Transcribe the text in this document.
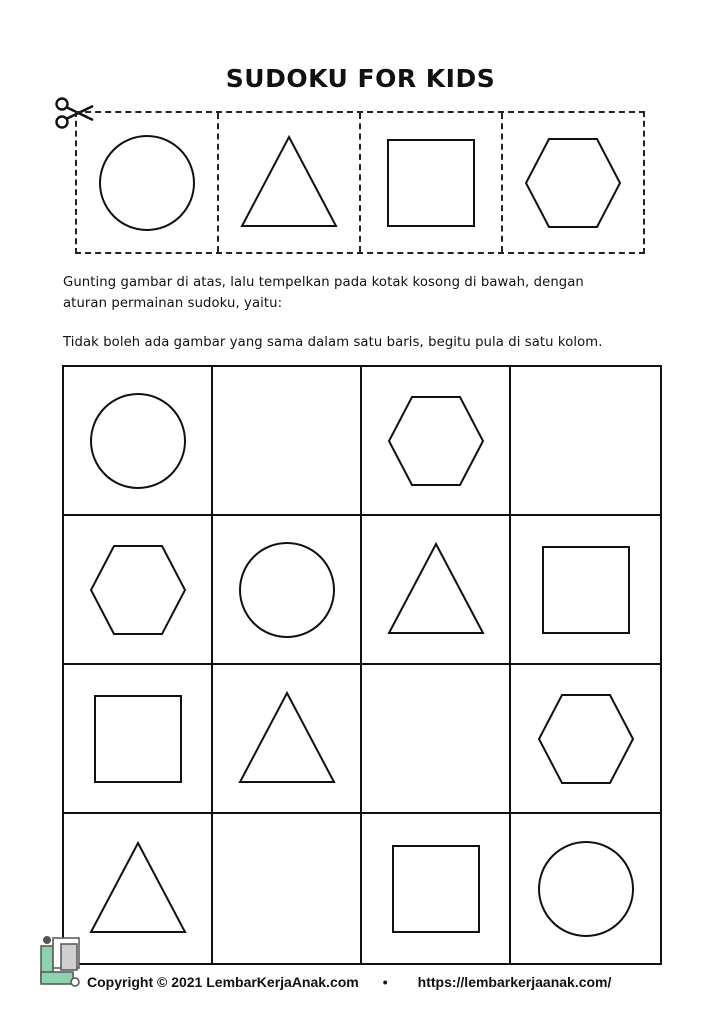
SUDOKU FOR KIDS
Gunting gambar di atas, lalu tempelkan pada kotak kosong di bawah, dengan
aturan permainan sudoku, yaitu:
Tidak boleh ada gambar yang sama dalam satu baris, begitu pula di satu kolom.
Copyright © 2021 LembarKerjaAnak.com • https://lembarkerjaanak.com/
